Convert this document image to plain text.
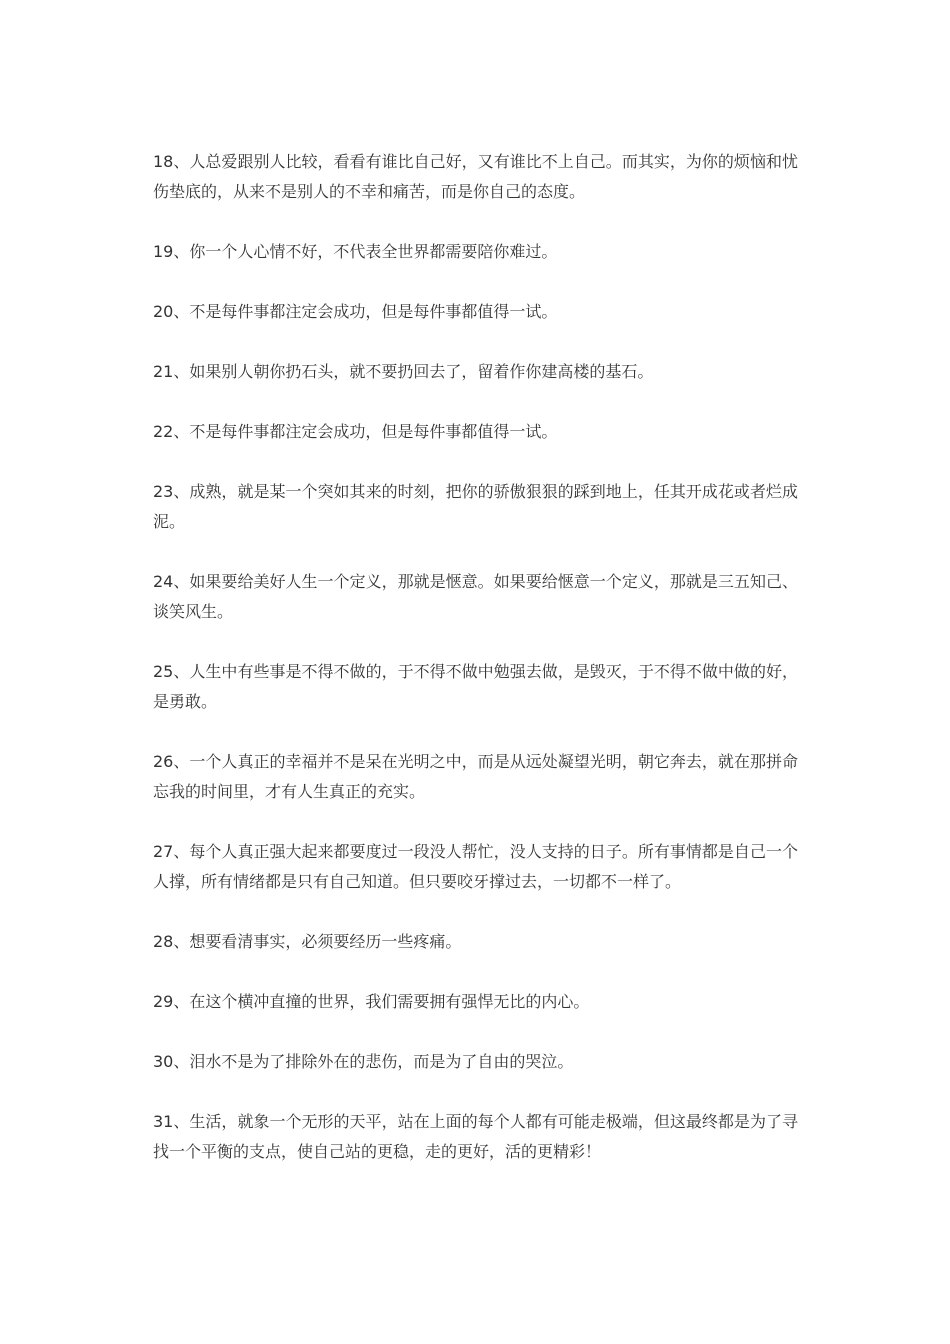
18、人总爱跟别人比较，看看有谁比自己好，又有谁比不上自己。而其实，为你的烦恼和忧伤垫底的，从来不是别人的不幸和痛苦，而是你自己的态度。

19、你一个人心情不好，不代表全世界都需要陪你难过。

20、不是每件事都注定会成功，但是每件事都值得一试。

21、如果别人朝你扔石头，就不要扔回去了，留着作你建高楼的基石。

22、不是每件事都注定会成功，但是每件事都值得一试。

23、成熟，就是某一个突如其来的时刻，把你的骄傲狠狠的踩到地上，任其开成花或者烂成泥。

24、如果要给美好人生一个定义，那就是惬意。如果要给惬意一个定义，那就是三五知己、谈笑风生。

25、人生中有些事是不得不做的，于不得不做中勉强去做，是毁灭，于不得不做中做的好，是勇敢。

26、一个人真正的幸福并不是呆在光明之中，而是从远处凝望光明，朝它奔去，就在那拼命忘我的时间里，才有人生真正的充实。

27、每个人真正强大起来都要度过一段没人帮忙，没人支持的日子。所有事情都是自己一个人撑，所有情绪都是只有自己知道。但只要咬牙撑过去，一切都不一样了。

28、想要看清事实，必须要经历一些疼痛。

29、在这个横冲直撞的世界，我们需要拥有强悍无比的内心。

30、泪水不是为了排除外在的悲伤，而是为了自由的哭泣。

31、生活，就象一个无形的天平，站在上面的每个人都有可能走极端，但这最终都是为了寻找一个平衡的支点，使自己站的更稳，走的更好，活的更精彩！
